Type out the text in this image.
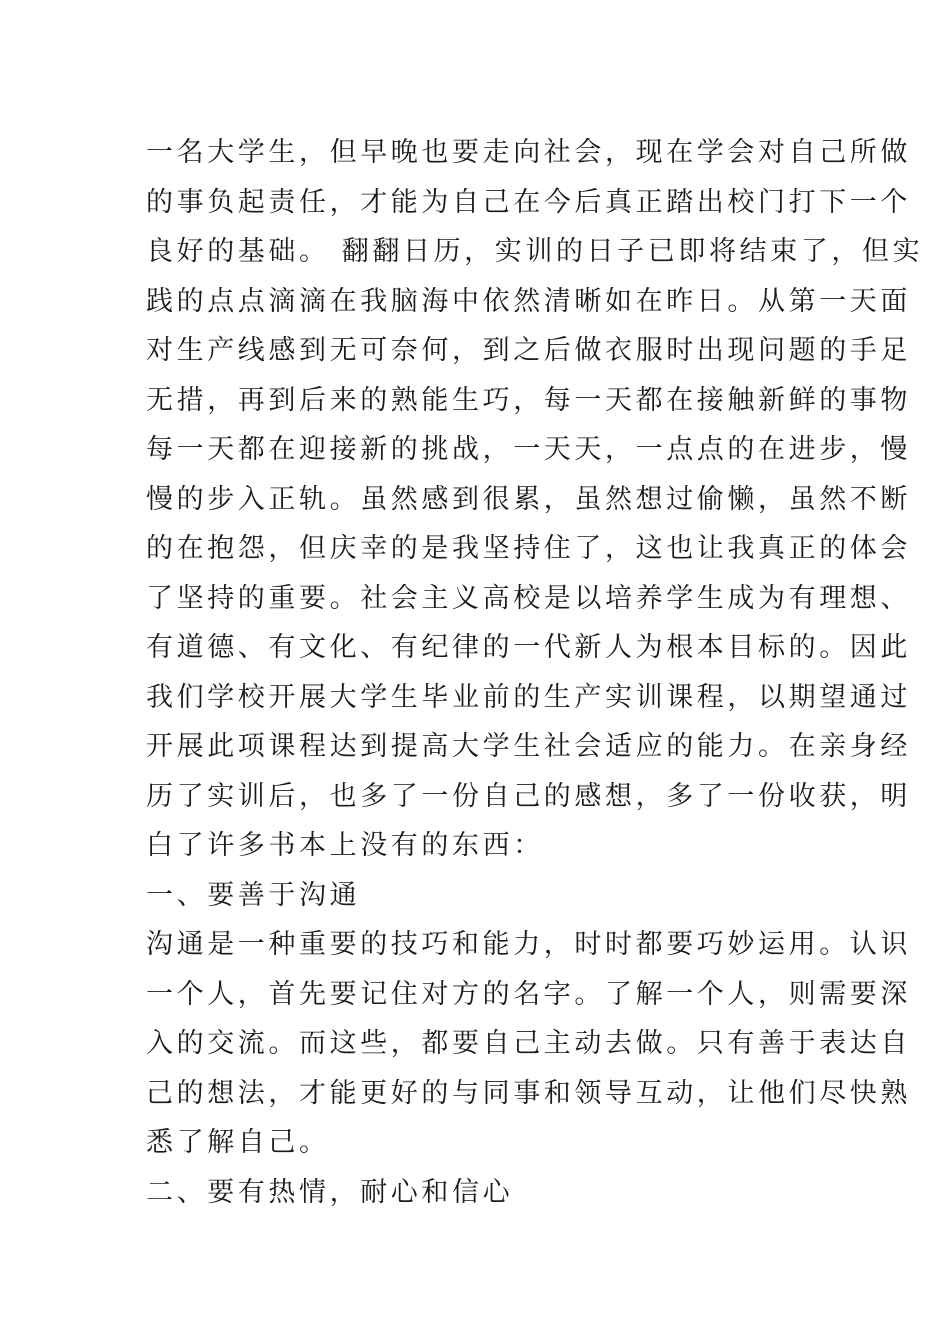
一名大学生，但早晚也要走向社会，现在学会对自己所做
的事负起责任，才能为自己在今后真正踏出校门打下一个
良好的基础。 翻翻日历，实训的日子已即将结束了，但实
践的点点滴滴在我脑海中依然清晰如在昨日。从第一天面
对生产线感到无可奈何，到之后做衣服时出现问题的手足
无措，再到后来的熟能生巧，每一天都在接触新鲜的事物
每一天都在迎接新的挑战，一天天，一点点的在进步，慢
慢的步入正轨。虽然感到很累，虽然想过偷懒，虽然不断
的在抱怨，但庆幸的是我坚持住了，这也让我真正的体会
了坚持的重要。社会主义高校是以培养学生成为有理想、
有道德、有文化、有纪律的一代新人为根本目标的。因此
我们学校开展大学生毕业前的生产实训课程，以期望通过
开展此项课程达到提高大学生社会适应的能力。在亲身经
历了实训后，也多了一份自己的感想，多了一份收获，明
白了许多书本上没有的东西：
一、要善于沟通
沟通是一种重要的技巧和能力，时时都要巧妙运用。认识
一个人，首先要记住对方的名字。了解一个人，则需要深
入的交流。而这些，都要自己主动去做。只有善于表达自
己的想法，才能更好的与同事和领导互动，让他们尽快熟
悉了解自己。
二、要有热情，耐心和信心
